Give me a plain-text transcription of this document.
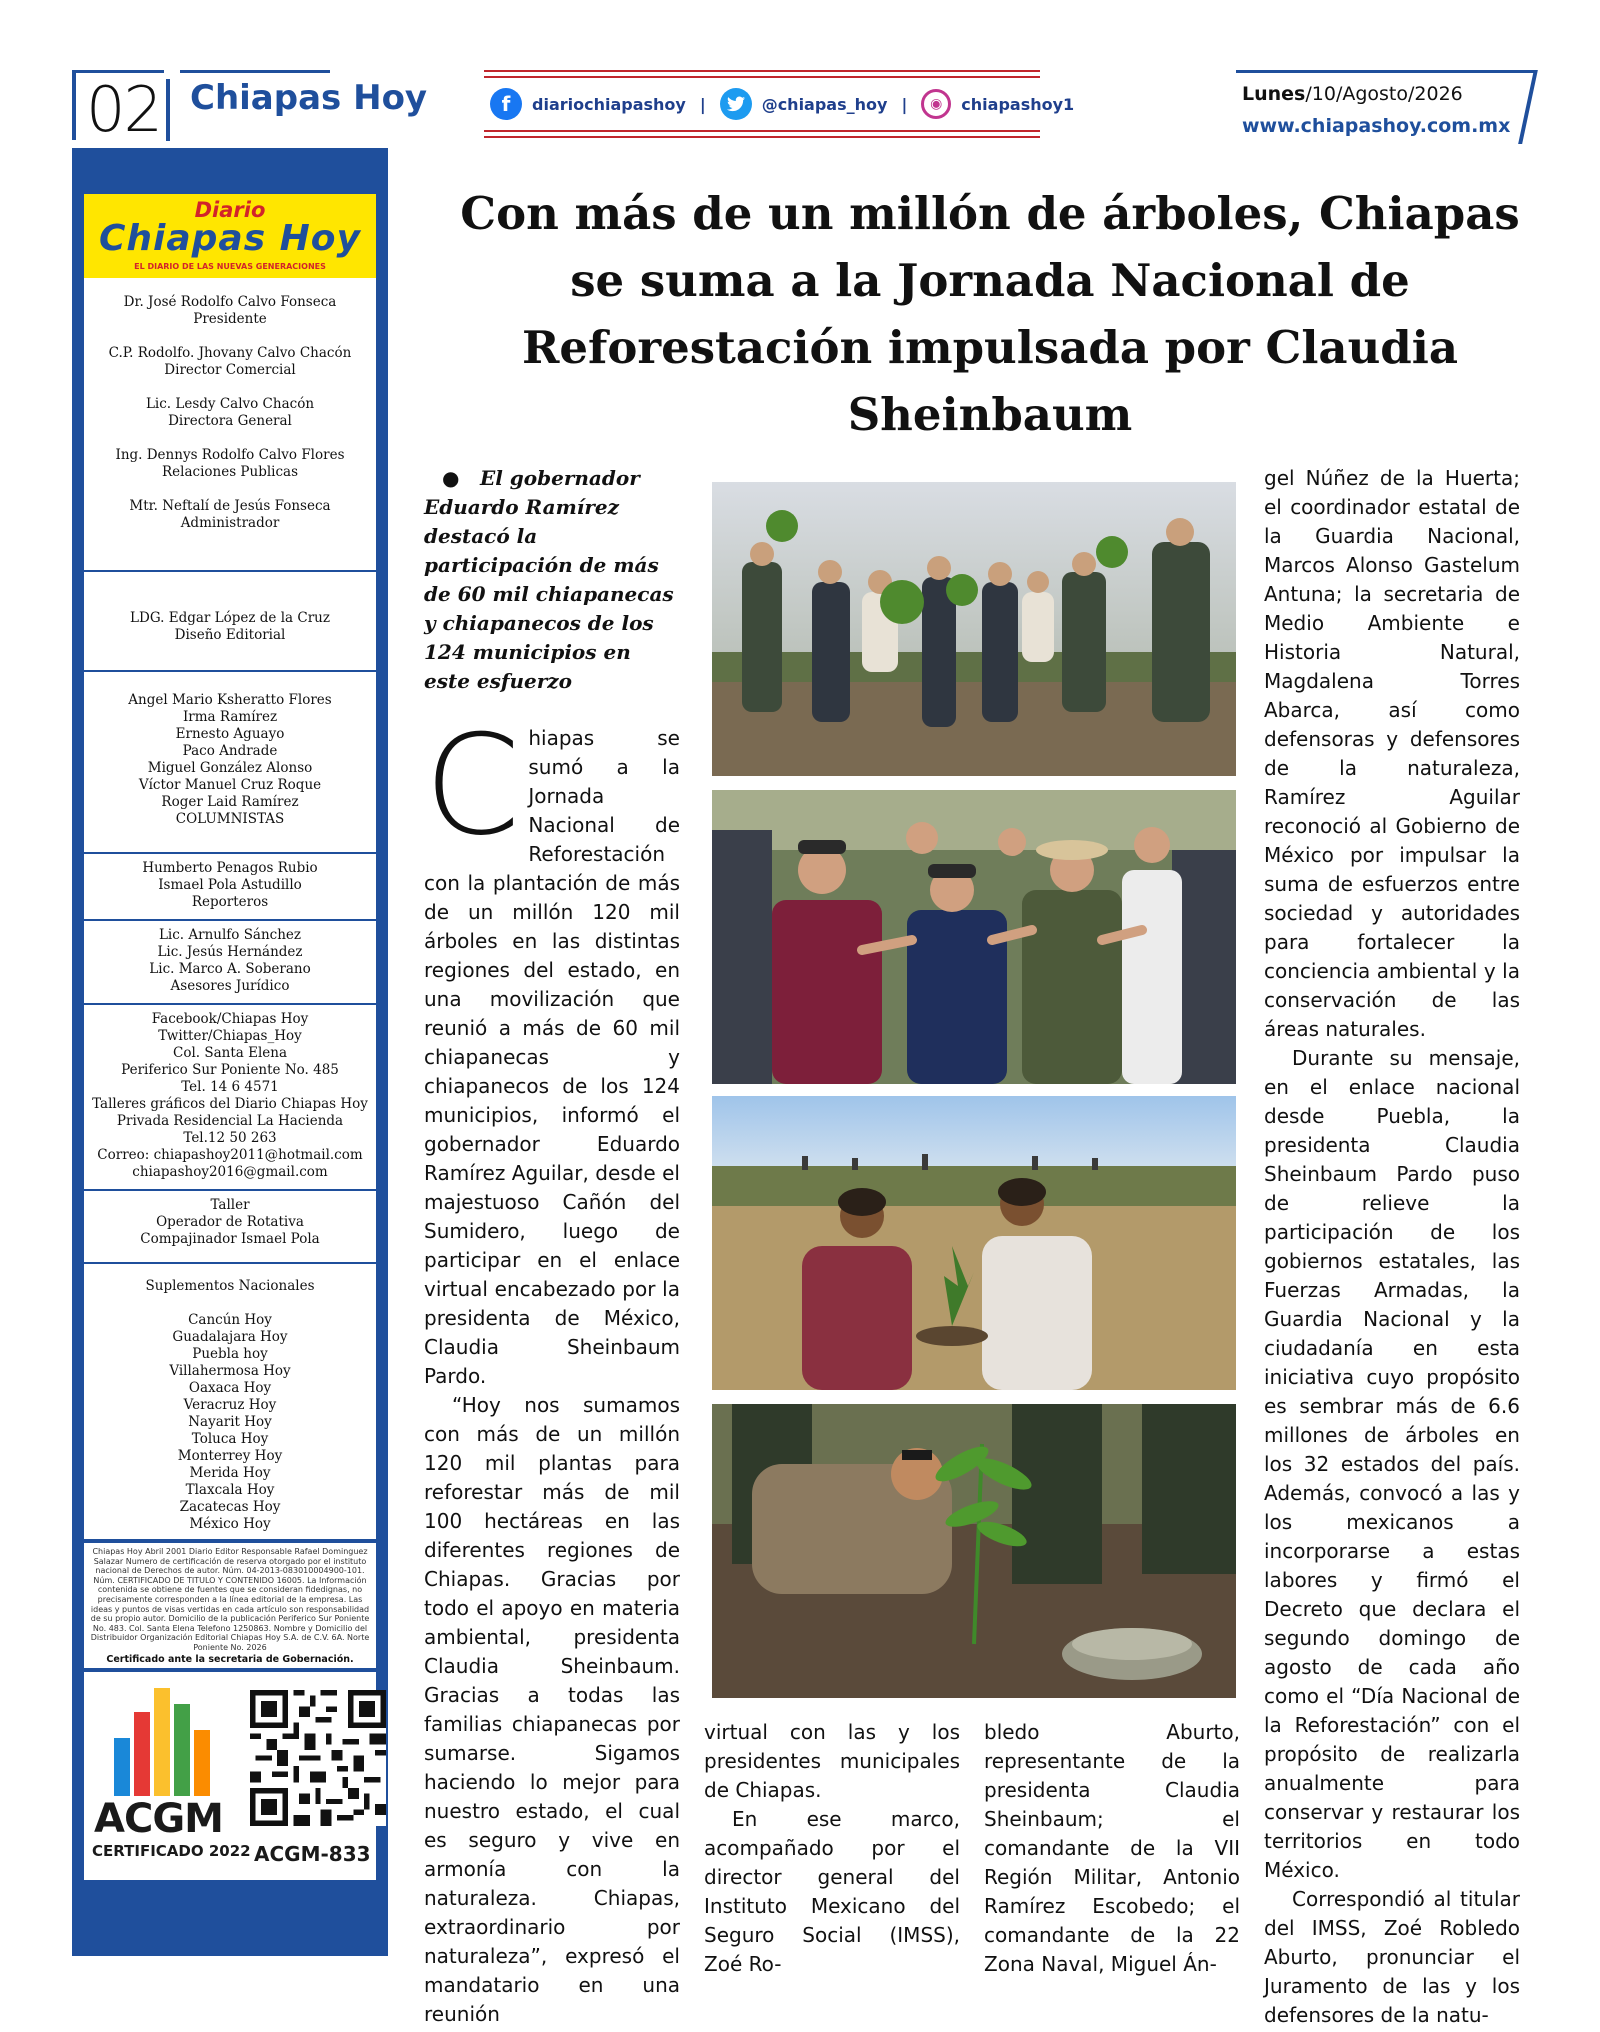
02 Chiapas Hoy	f	diariochiapashoy |	@chiapas_hoy |	◉	chiapashoy1	Lunes/10/Agosto/2026
www.chiapashoy.com.mx
Diario
Chiapas Hoy
EL DIARIO DE LAS NUEVAS GENERACIONES
Dr. José Rodolfo Calvo Fonseca
Presidente
C.P. Rodolfo. Jhovany Calvo Chacón
Director Comercial
Lic. Lesdy Calvo Chacón
Directora General
Ing. Dennys Rodolfo Calvo Flores
Relaciones Publicas
Mtr. Neftalí de Jesús Fonseca
Administrador
LDG. Edgar López de la Cruz
Diseño Editorial
Angel Mario Ksheratto Flores
Irma Ramírez
Ernesto Aguayo
Paco Andrade
Miguel González Alonso
Víctor Manuel Cruz Roque
Roger Laid Ramírez
COLUMNISTAS
Humberto Penagos Rubio
Ismael Pola Astudillo
Reporteros
Lic. Arnulfo Sánchez
Lic. Jesús Hernández
Lic. Marco A. Soberano
Asesores Jurídico
Facebook/Chiapas Hoy
Twitter/Chiapas_Hoy
Col. Santa Elena
Periferico Sur Poniente No. 485
Tel. 14 6 4571
Talleres gráficos del Diario Chiapas Hoy
Privada Residencial La Hacienda
Tel.12 50 263
Correo: chiapashoy2011@hotmail.com
chiapashoy2016@gmail.com
Taller
Operador de Rotativa
Compajinador Ismael Pola
Suplementos Nacionales
Cancún Hoy
Guadalajara Hoy
Puebla hoy
Villahermosa Hoy
Oaxaca Hoy
Veracruz Hoy
Nayarit Hoy
Toluca Hoy
Monterrey Hoy
Merida Hoy
Tlaxcala Hoy
Zacatecas Hoy
México Hoy
Chiapas Hoy Abril 2001 Diario Editor Responsable Rafael Dominguez Salazar Numero de certificación de reserva otorgado por el instituto nacional de Derechos de autor. Núm. 04-2013-083010004900-101. Núm. CERTIFICADO DE TITULO Y CONTENIDO 16005. La Información contenida se obtiene de fuentes que se consideran fidedignas, no precisamente corresponden a la línea editorial de la empresa. Las ideas y puntos de visas vertidas en cada artículo son responsabilidad de su propio autor. Domicilio de la publicación Periferico Sur Poniente No. 483. Col. Santa Elena Telefono 1250863. Nombre y Domicilio del Distribuidor Organización Editorial Chiapas Hoy S.A. de C.V. 6A. Norte Poniente No. 2026
Certificado ante la secretaria de Gobernación.
ACGM
CERTIFICADO 2022 ACGM-833
Con más de un millón de árboles, Chiapas se suma a la Jornada Nacional de Reforestación impulsada por Claudia Sheinbaum
● El gobernador Eduardo Ramírez destacó la participación de más de 60 mil chiapanecas y chiapanecos de los 124 municipios en este esfuerzo
C hiapas se sumó a la Jornada Nacional de Reforestación con la plantación de más de un millón 120 mil árboles en las distintas regiones del estado, en una movilización que reunió a más de 60 mil chiapanecas y chiapanecos de los 124 municipios, informó el gobernador Eduardo Ramírez Aguilar, desde el majestuoso Cañón del Sumidero, luego de participar en el enlace virtual encabezado por la presidenta de México, Claudia Sheinbaum Pardo.

“Hoy nos sumamos con más de un millón 120 mil plantas para reforestar más de mil 100 hectáreas en las diferentes regiones de Chiapas. Gracias por todo el apoyo en materia ambiental, presidenta Claudia Sheinbaum. Gracias a todas las familias chiapanecas por sumarse. Sigamos haciendo lo mejor para nuestro estado, el cual es seguro y vive en armonía con la naturaleza. Chiapas, extraordinario por naturaleza”, expresó el mandatario en una reunión

virtual con las y los presidentes municipales de Chiapas.

En ese marco, acompañado por el director general del Instituto Mexicano del Seguro Social (IMSS), Zoé Ro-

bledo Aburto, representante de la presidenta Claudia Sheinbaum; el comandante de la VII Región Militar, Antonio Ramírez Escobedo; el comandante de la 22 Zona Naval, Miguel Án-

gel Núñez de la Huerta; el coordinador estatal de la Guardia Nacional, Marcos Alonso Gastelum Antuna; la secretaria de Medio Ambiente e Historia Natural, Magdalena Torres Abarca, así como defensoras y defensores de la naturaleza, Ramírez Aguilar reconoció al Gobierno de México por impulsar la suma de esfuerzos entre sociedad y autoridades para fortalecer la conciencia ambiental y la conservación de las áreas naturales.

Durante su mensaje, en el enlace nacional desde Puebla, la presidenta Claudia Sheinbaum Pardo puso de relieve la participación de los gobiernos estatales, las Fuerzas Armadas, la Guardia Nacional y la ciudadanía en esta iniciativa cuyo propósito es sembrar más de 6.6 millones de árboles en los 32 estados del país. Además, convocó a las y los mexicanos a incorporarse a estas labores y firmó el Decreto que declara el segundo domingo de agosto de cada año como el “Día Nacional de la Reforestación” con el propósito de realizarla anualmente para conservar y restaurar los territorios en todo México.

Correspondió al titular del IMSS, Zoé Robledo Aburto, pronunciar el Juramento de las y los defensores de la natu-
